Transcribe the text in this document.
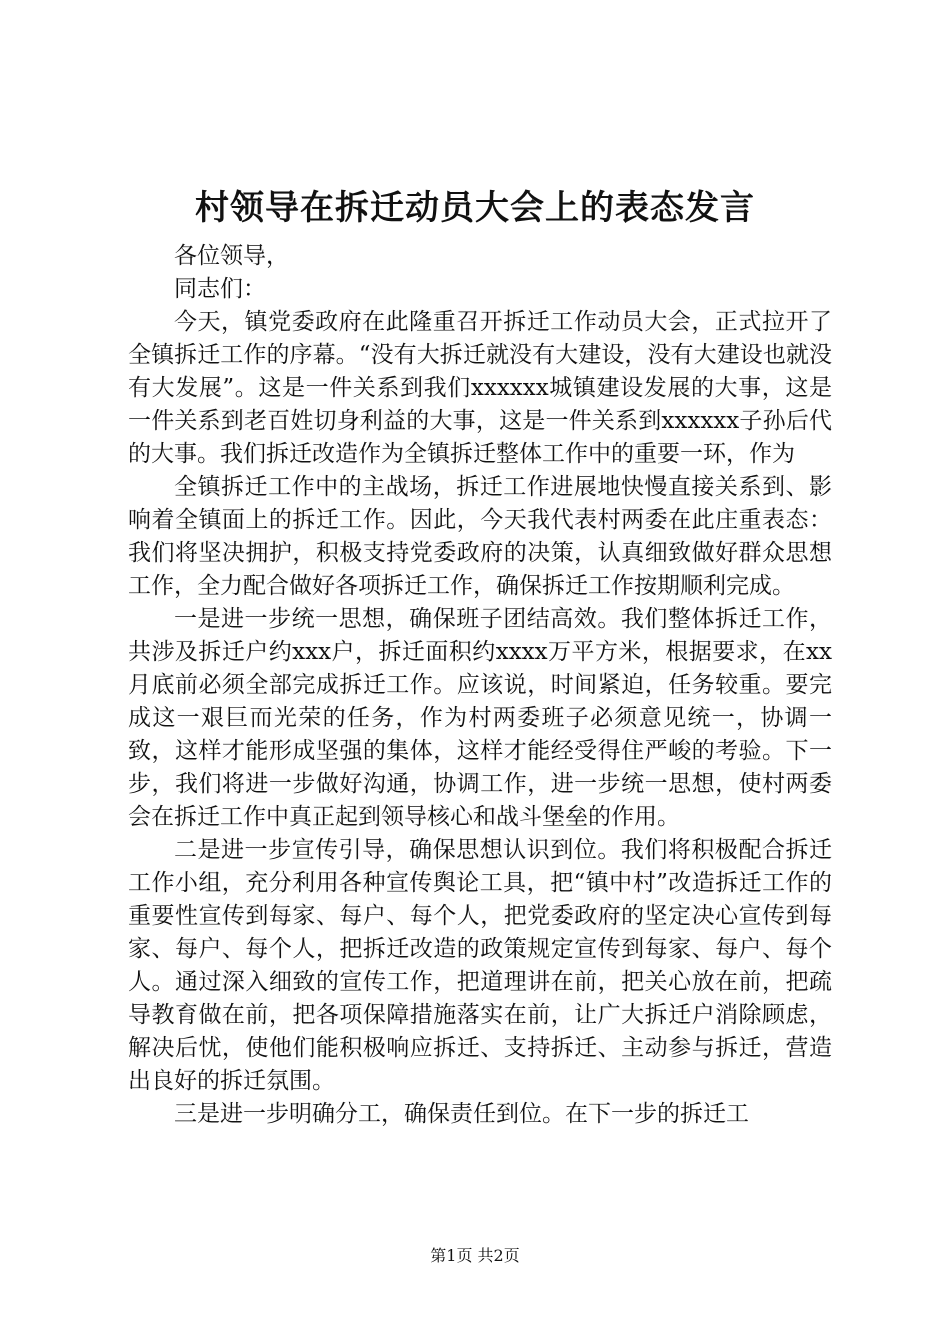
村领导在拆迁动员大会上的表态发言

各位领导，

同志们：

今天，镇党委政府在此隆重召开拆迁工作动员大会，正式拉开了全镇拆迁工作的序幕。“没有大拆迁就没有大建设，没有大建设也就没有大发展”。这是一件关系到我们xxxxxx城镇建设发展的大事，这是一件关系到老百姓切身利益的大事，这是一件关系到xxxxxx子孙后代的大事。我们拆迁改造作为全镇拆迁整体工作中的重要一环，作为

全镇拆迁工作中的主战场，拆迁工作进展地快慢直接关系到、影响着全镇面上的拆迁工作。因此，今天我代表村两委在此庄重表态：我们将坚决拥护，积极支持党委政府的决策，认真细致做好群众思想工作，全力配合做好各项拆迁工作，确保拆迁工作按期顺利完成。

一是进一步统一思想，确保班子团结高效。我们整体拆迁工作，共涉及拆迁户约xxx户，拆迁面积约xxxx万平方米，根据要求，在xx月底前必须全部完成拆迁工作。应该说，时间紧迫，任务较重。要完成这一艰巨而光荣的任务，作为村两委班子必须意见统一，协调一致，这样才能形成坚强的集体，这样才能经受得住严峻的考验。下一步，我们将进一步做好沟通，协调工作，进一步统一思想，使村两委会在拆迁工作中真正起到领导核心和战斗堡垒的作用。

二是进一步宣传引导，确保思想认识到位。我们将积极配合拆迁工作小组，充分利用各种宣传舆论工具，把“镇中村”改造拆迁工作的重要性宣传到每家、每户、每个人，把党委政府的坚定决心宣传到每家、每户、每个人，把拆迁改造的政策规定宣传到每家、每户、每个人。通过深入细致的宣传工作，把道理讲在前，把关心放在前，把疏导教育做在前，把各项保障措施落实在前，让广大拆迁户消除顾虑，解决后忧，使他们能积极响应拆迁、支持拆迁、主动参与拆迁，营造出良好的拆迁氛围。

三是进一步明确分工，确保责任到位。在下一步的拆迁工

第1页 共2页
